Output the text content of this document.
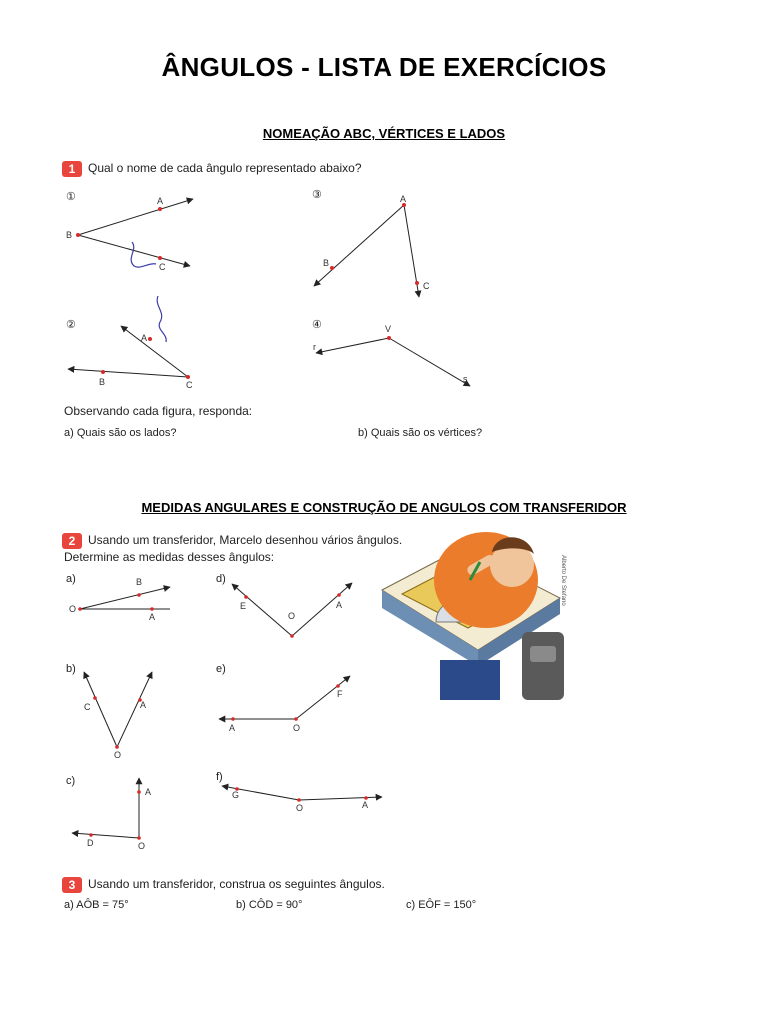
ÂNGULOS - LISTA DE EXERCÍCIOS
NOMEAÇÃO ABC, VÉRTICES E LADOS
1 Qual o nome de cada ângulo representado abaixo?
①
②
③
④
B
A
C
B
A
C
A
B
C
V
r
s
a)
b)
c)
d)
e)
f)
O
B
A
O
C	A
A
D	O
E	A
O
A	O
F
G
O	A
Observando cada figura, responda:
a) Quais são os lados?	b) Quais são os vértices?
MEDIDAS ANGULARES E CONSTRUÇÃO DE ANGULOS COM TRANSFERIDOR
2 Usando um transferidor, Marcelo desenhou vários ângulos.
Determine as medidas desses ângulos:	Alberto De Stefano
3 Usando um transferidor, construa os seguintes ângulos.
a) AÔB = 75°	b) CÔD = 90°	c) EÔF = 150°
